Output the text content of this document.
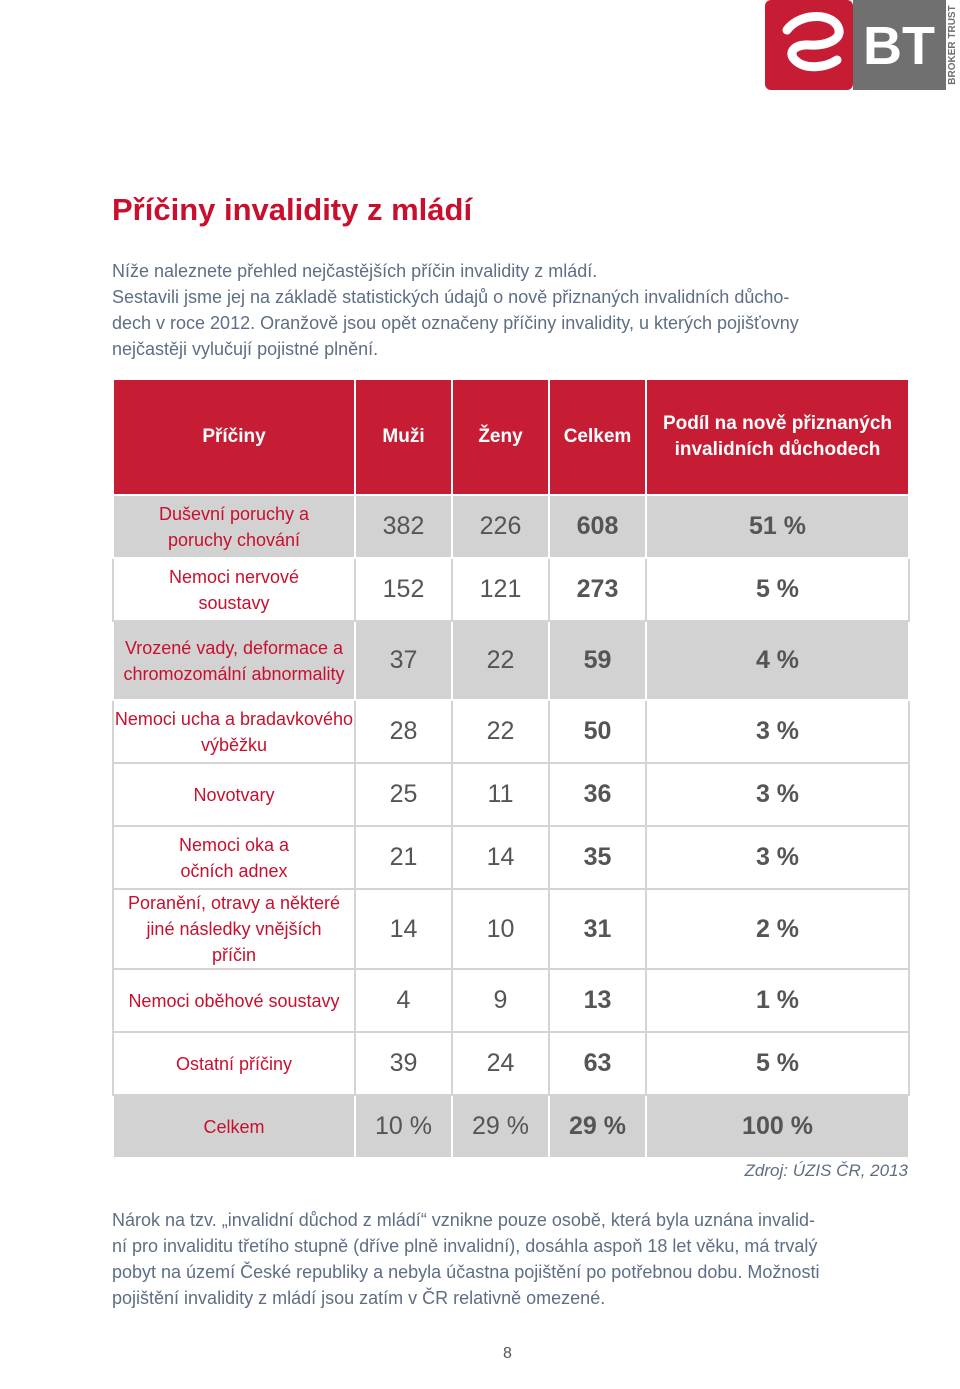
BT BROKER TRUST
Příčiny invalidity z mládí

Níže naleznete přehled nejčastějších příčin invalidity z mládí.
Sestavili jsme jej na základě statistických údajů o nově přiznaných invalidních důcho-
dech v roce 2012. Oranžově jsou opět označeny příčiny invalidity, u kterých pojišťovny
nejčastěji vylučují pojistné plnění.

Příčiny	Muži	Ženy	Celkem	Podíl na nově přiznaných invalidních důchodech

Duševní poruchy a poruchy chování	382	226	608	51 %

Nemoci nervové soustavy	152	121	273	5 %

Vrozené vady, deformace a chromozomální abnormality	37	22	59	4 %

Nemoci ucha a bradavkového výběžku	28	22	50	3 %

Novotvary	25	11	36	3 %

Nemoci oka a očních adnex	21	14	35	3 %

Poranění, otravy a některé jiné následky vnějších příčin	14	10	31	2 %

Nemoci oběhové soustavy	4	9	13	1 %

Ostatní příčiny	39	24	63	5 %

Celkem	10 %	29 %	29 %	100 %

Zdroj: ÚZIS ČR, 2013

Nárok na tzv. „invalidní důchod z mládí“ vznikne pouze osobě, která byla uznána invalid-
ní pro invaliditu třetího stupně (dříve plně invalidní), dosáhla aspoň 18 let věku, má trvalý
pobyt na území České republiky a nebyla účastna pojištění po potřebnou dobu. Možnosti
pojištění invalidity z mládí jsou zatím v ČR relativně omezené.

8
